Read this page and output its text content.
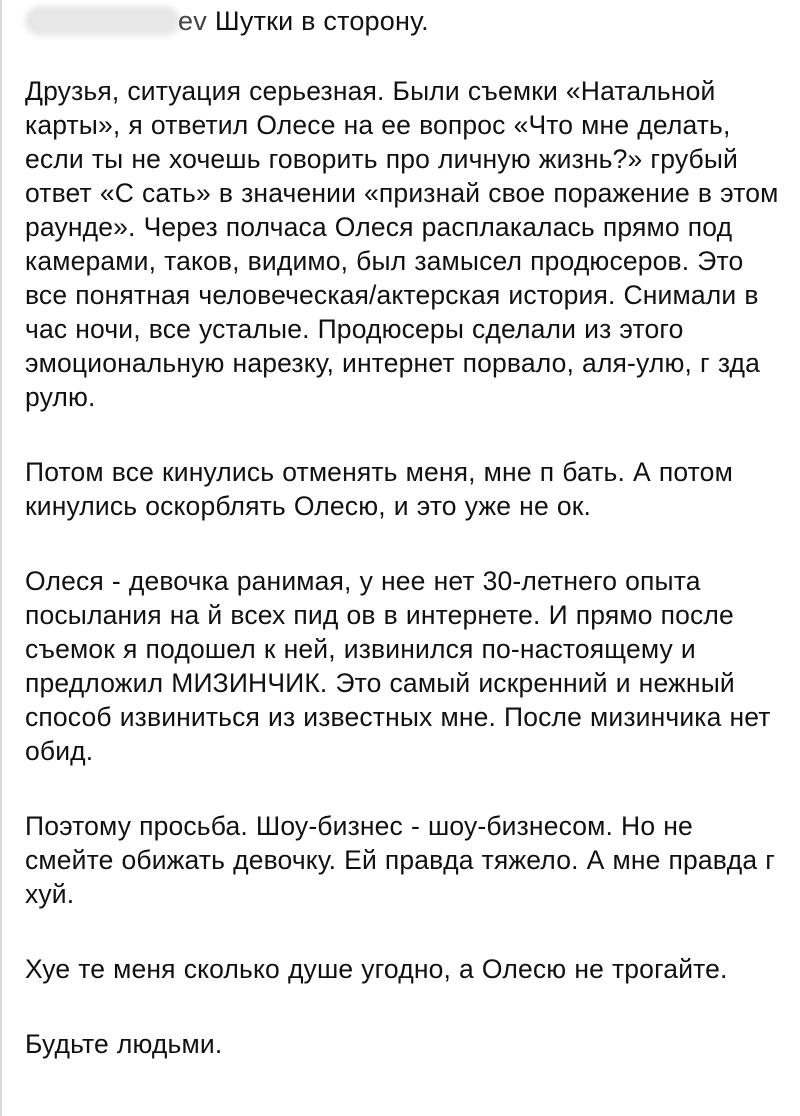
ev Шутки в сторону.

Друзья, ситуация серьезная. Были съемки «Натальной карты», я ответил Олесе на ее вопрос «Что мне делать, если ты не хочешь говорить про личную жизнь?» грубый ответ «С сать» в значении «признай свое поражение в этом раунде». Через полчаса Олеся расплакалась прямо под камерами, таков, видимо, был замысел продюсеров. Это все понятная человеческая/актерская история. Снимали в час ночи, все усталые. Продюсеры сделали из этого эмоциональную нарезку, интернет порвало, аля-улю, г зда рулю.

Потом все кинулись отменять меня, мне п бать. А потом кинулись оскорблять Олесю, и это уже не ок.

Олеся - девочка ранимая, у нее нет 30-летнего опыта посылания на й всех пид ов в интернете. И прямо после съемок я подошел к ней, извинился по-настоящему и предложил МИЗИНЧИК. Это самый искренний и нежный способ извиниться из известных мне. После мизинчика нет обид.

Поэтому просьба. Шоу-бизнес - шоу-бизнесом. Но не смейте обижать девочку. Ей правда тяжело. А мне правда г хуй.

Хуе те меня сколько душе угодно, а Олесю не трогайте.

Будьте людьми.
